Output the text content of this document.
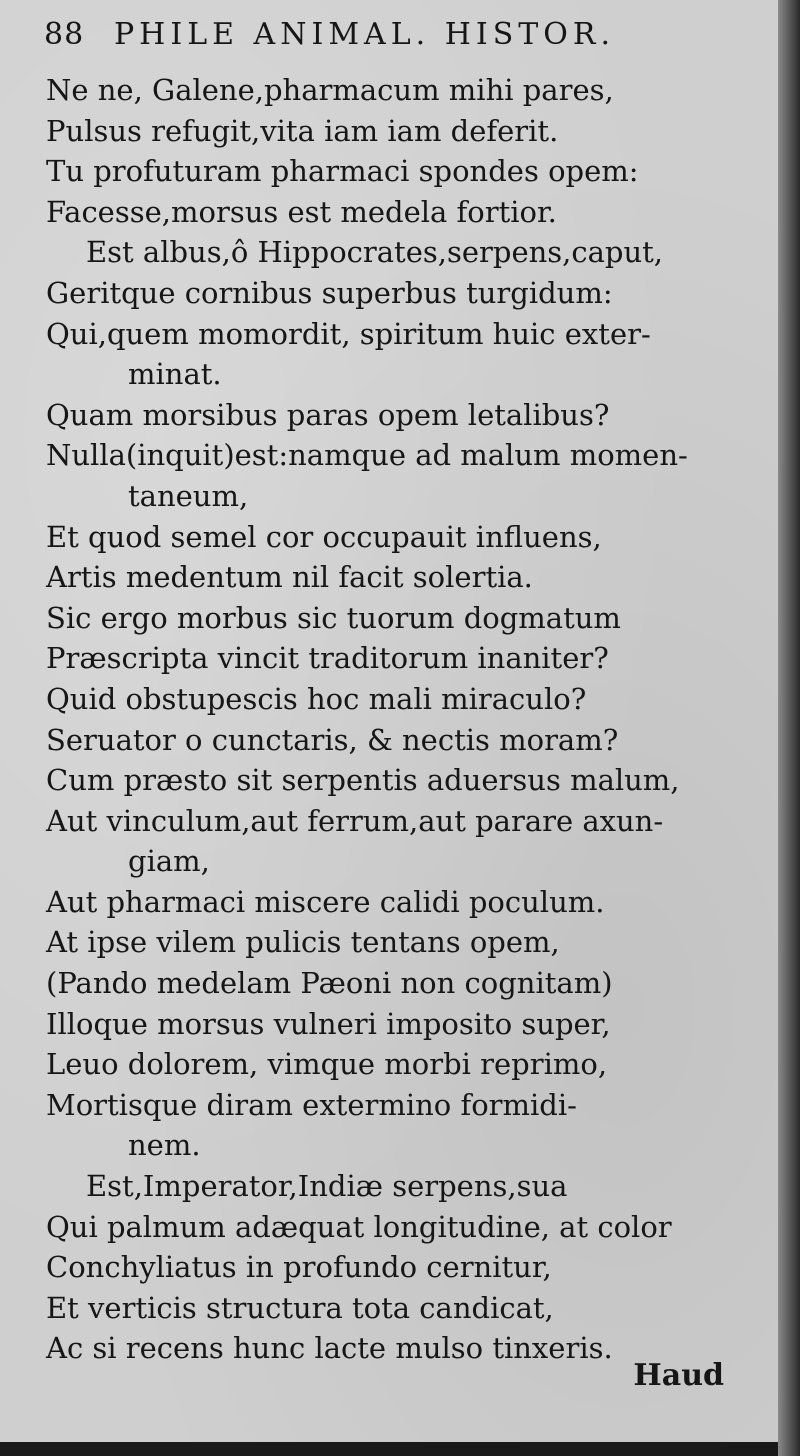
88 PHILE ANIMAL. HISTOR.
Ne ne, Galene,pharmacum mihi pares,
Pulsus refugit,vita iam iam deferit.
Tu profuturam pharmaci spondes opem:
Facesse,morsus est medela fortior.
Est albus,ô Hippocrates,serpens,caput,
Geritque cornibus superbus turgidum:
Qui,quem momordit, spiritum huic exter-
minat.
Quam morsibus paras opem letalibus?
Nulla(inquit)est:namque ad malum momen-
taneum,
Et quod semel cor occupauit influens,
Artis medentum nil facit solertia.
Sic ergo morbus sic tuorum dogmatum
Præscripta vincit traditorum inaniter?
Quid obstupescis hoc mali miraculo?
Seruator o cunctaris, & nectis moram?
Cum præsto sit serpentis aduersus malum,
Aut vinculum,aut ferrum,aut parare axun-
giam,
Aut pharmaci miscere calidi poculum.
At ipse vilem pulicis tentans opem,
(Pando medelam Pæoni non cognitam)
Illoque morsus vulneri imposito super,
Leuo dolorem, vimque morbi reprimo,
Mortisque diram extermino formidi-
nem.
Est,Imperator,Indiæ serpens,sua
Qui palmum adæquat longitudine, at color
Conchyliatus in profundo cernitur,
Et verticis structura tota candicat,
Ac si recens hunc lacte mulso tinxeris.
Haud
